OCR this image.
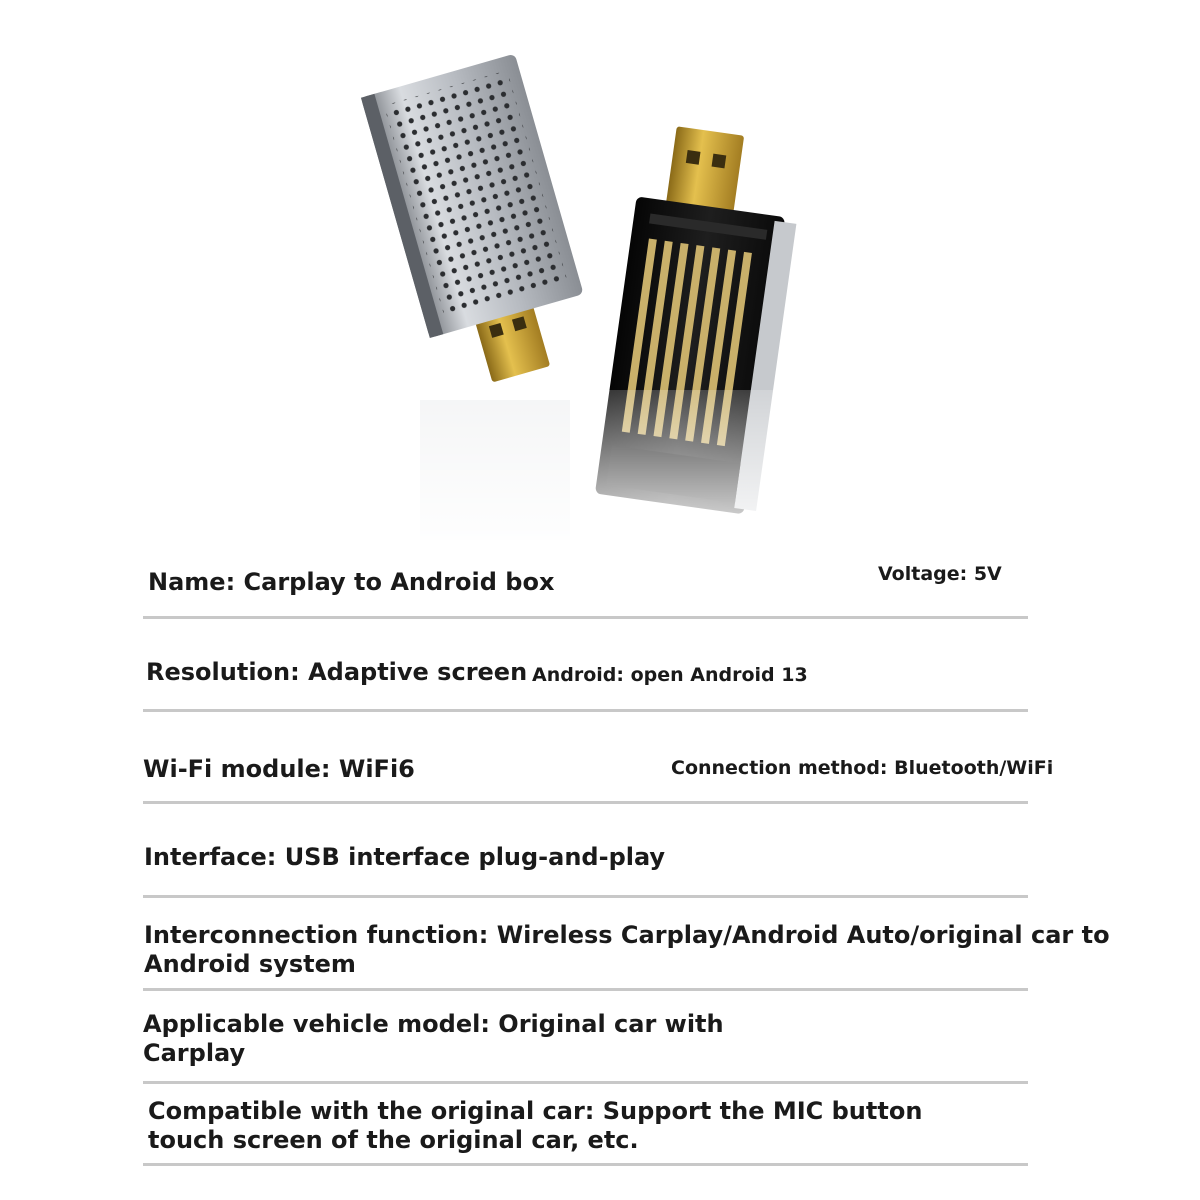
Name: Carplay to Android box	Voltage: 5V
Resolution: Adaptive screen Android: open Android 13
Wi-Fi module: WiFi6	Connection method: Bluetooth/WiFi
Interface: USB interface plug-and-play
Interconnection function: Wireless Carplay/Android Auto/original car to
Android system
Applicable vehicle model: Original car with
Carplay
Compatible with the original car: Support the MIC button
touch screen of the original car, etc.
